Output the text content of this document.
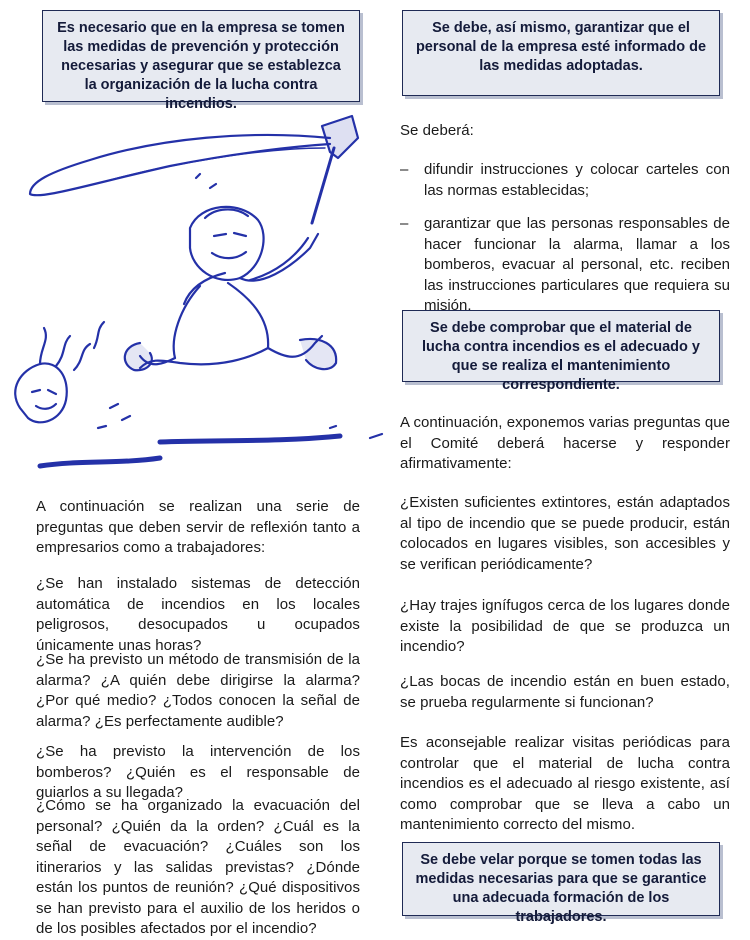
Es necesario que en la empresa se tomen las medidas de prevención y protección necesarias y asegurar que se establezca la organización de la lucha contra incendios.
Se debe, así mismo, garantizar que el personal de la empresa esté informado de las medidas adoptadas.
Se debe comprobar que el material de lucha contra incendios es el adecuado y que se realiza el mantenimiento correspondiente.
Se debe velar porque se tomen todas las medidas necesarias para que se garantice una adecuada formación de los trabajadores.

A continuación se realizan una serie de preguntas que deben servir de reflexión tanto a empresarios como a trabajadores:

¿Se han instalado sistemas de detección automática de incendios en los locales peligrosos, desocupados u ocupados únicamente unas horas?

¿Se ha previsto un método de transmisión de la alarma? ¿A quién debe dirigirse la alarma? ¿Por qué medio? ¿Todos conocen la señal de alarma? ¿Es perfectamente audible?

¿Se ha previsto la intervención de los bomberos? ¿Quién es el responsable de guiarlos a su llegada?

¿Cómo se ha organizado la evacuación del personal? ¿Quién da la orden? ¿Cuál es la señal de evacuación? ¿Cuáles son los itinerarios y las salidas previstas? ¿Dónde están los puntos de reunión? ¿Qué dispositivos se han previsto para el auxilio de los heridos o de los posibles afectados por el incendio?

Se deberá:

– difundir instrucciones y colocar carteles con las normas establecidas;
– garantizar que las personas responsables de hacer funcionar la alarma, llamar a los bomberos, evacuar al personal, etc. reciben las instrucciones particulares que requiera su misión.

A continuación, exponemos varias preguntas que el Comité deberá hacerse y responder afirmativamente:

¿Existen suficientes extintores, están adaptados al tipo de incendio que se puede producir, están colocados en lugares visibles, son accesibles y se verifican periódicamente?

¿Hay trajes ignífugos cerca de los lugares donde existe la posibilidad de que se produzca un incendio?

¿Las bocas de incendio están en buen estado, se prueba regularmente si funcionan?

Es aconsejable realizar visitas periódicas para controlar que el material de lucha contra incendios es el adecuado al riesgo existente, así como comprobar que se lleva a cabo un mantenimiento correcto del mismo.
